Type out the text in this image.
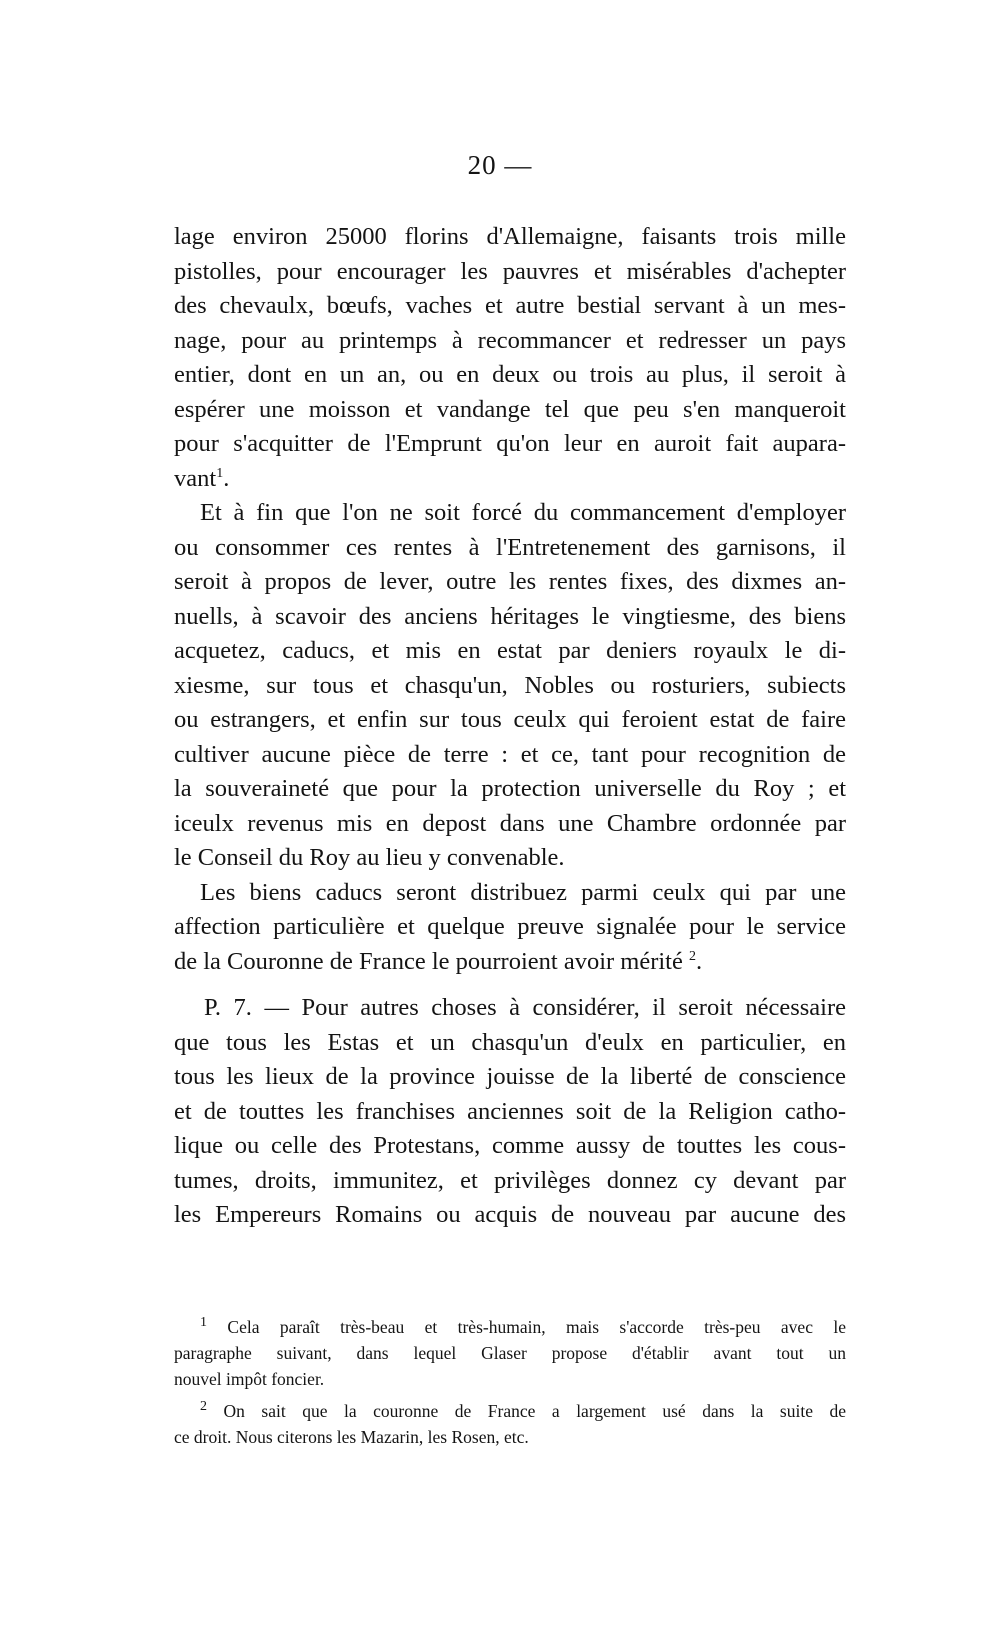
20 —
lage environ 25000 florins d'Allemaigne, faisants trois mille
pistolles, pour encourager les pauvres et misérables d'achepter
des chevaulx, bœufs, vaches et autre bestial servant à un mes-
nage, pour au printemps à recommancer et redresser un pays
entier, dont en un an, ou en deux ou trois au plus, il seroit à
espérer une moisson et vandange tel que peu s'en manqueroit
pour s'acquitter de l'Emprunt qu'on leur en auroit fait aupara-
vant$^1$.
Et à fin que l'on ne soit forcé du commancement d'employer
ou consommer ces rentes à l'Entretenement des garnisons, il
seroit à propos de lever, outre les rentes fixes, des dixmes an-
nuells, à scavoir des anciens héritages le vingtiesme, des biens
acquetez, caducs, et mis en estat par deniers royaulx le di-
xiesme, sur tous et chasqu'un, Nobles ou rosturiers, subiects
ou estrangers, et enfin sur tous ceulx qui feroient estat de faire
cultiver aucune pièce de terre : et ce, tant pour recognition de
la souveraineté que pour la protection universelle du Roy ; et
iceulx revenus mis en depost dans une Chambre ordonnée par
le Conseil du Roy au lieu y convenable.
Les biens caducs seront distribuez parmi ceulx qui par une
affection particulière et quelque preuve signalée pour le service
de la Couronne de France le pourroient avoir mérité $^2$.
P. 7. — Pour autres choses à considérer, il seroit nécessaire
que tous les Estas et un chasqu'un d'eulx en particulier, en
tous les lieux de la province jouisse de la liberté de conscience
et de touttes les franchises anciennes soit de la Religion catho-
lique ou celle des Protestans, comme aussy de touttes les cous-
tumes, droits, immunitez, et privilèges donnez cy devant par
les Empereurs Romains ou acquis de nouveau par aucune des
$^1$ Cela paraît très-beau et très-humain, mais s'accorde très-peu avec le
paragraphe suivant, dans lequel Glaser propose d'établir avant tout un
nouvel impôt foncier.
$^2$ On sait que la couronne de France a largement usé dans la suite de
ce droit. Nous citerons les Mazarin, les Rosen, etc.
